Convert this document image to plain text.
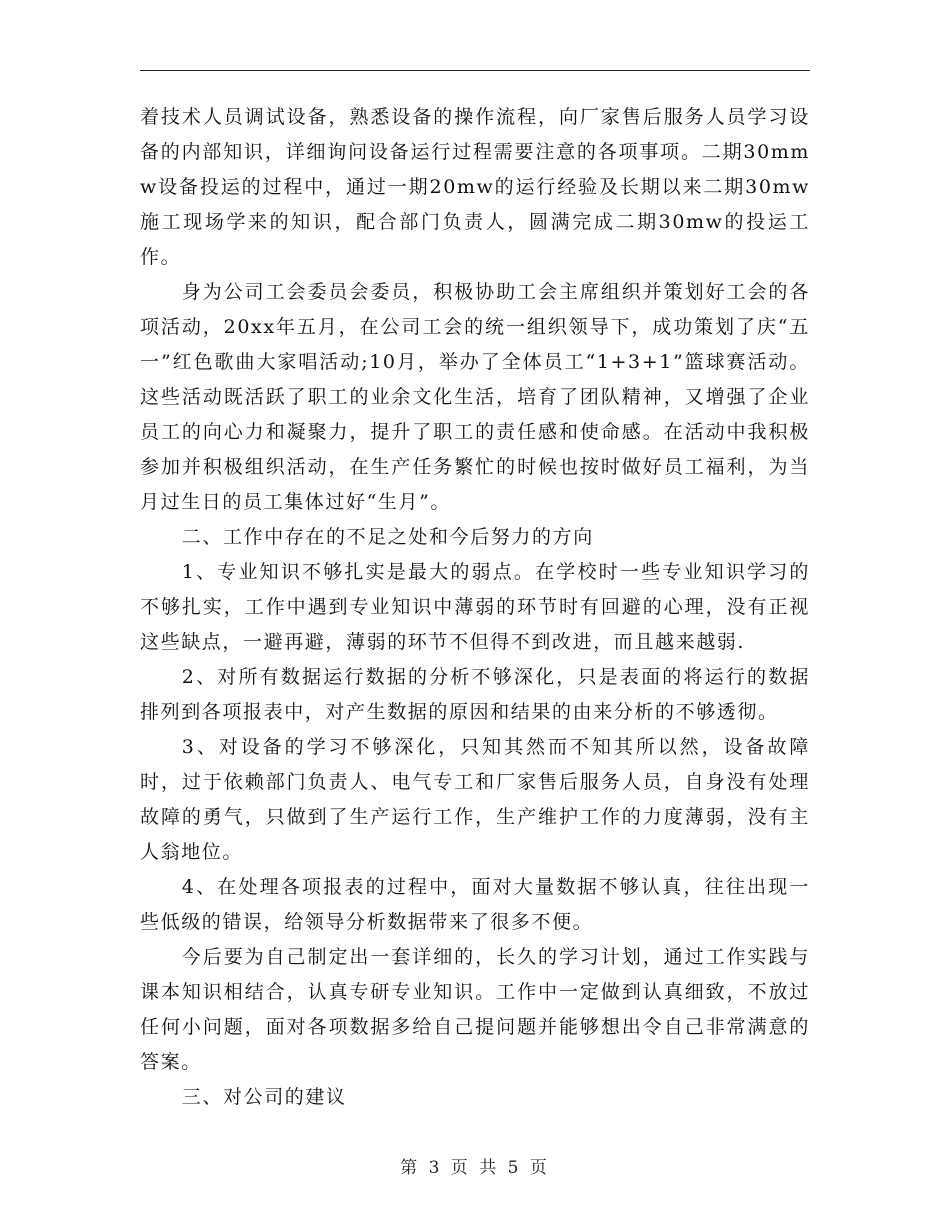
着技术人员调试设备，熟悉设备的操作流程，向厂家售后服务人员学习设备的内部知识，详细询问设备运行过程需要注意的各项事项。二期30mmw设备投运的过程中，通过一期20mw的运行经验及长期以来二期30mw施工现场学来的知识，配合部门负责人，圆满完成二期30mw的投运工作。

身为公司工会委员会委员，积极协助工会主席组织并策划好工会的各项活动，20xx年五月，在公司工会的统一组织领导下，成功策划了庆“五一”红色歌曲大家唱活动;10月，举办了全体员工“1+3+1”篮球赛活动。这些活动既活跃了职工的业余文化生活，培育了团队精神，又增强了企业员工的向心力和凝聚力，提升了职工的责任感和使命感。在活动中我积极参加并积极组织活动，在生产任务繁忙的时候也按时做好员工福利，为当月过生日的员工集体过好“生月”。

二、工作中存在的不足之处和今后努力的方向

1、专业知识不够扎实是最大的弱点。在学校时一些专业知识学习的不够扎实，工作中遇到专业知识中薄弱的环节时有回避的心理，没有正视这些缺点，一避再避，薄弱的环节不但得不到改进，而且越来越弱.

2、对所有数据运行数据的分析不够深化，只是表面的将运行的数据排列到各项报表中，对产生数据的原因和结果的由来分析的不够透彻。

3、对设备的学习不够深化，只知其然而不知其所以然，设备故障时，过于依赖部门负责人、电气专工和厂家售后服务人员，自身没有处理故障的勇气，只做到了生产运行工作，生产维护工作的力度薄弱，没有主人翁地位。

4、在处理各项报表的过程中，面对大量数据不够认真，往往出现一些低级的错误，给领导分析数据带来了很多不便。

今后要为自己制定出一套详细的，长久的学习计划，通过工作实践与课本知识相结合，认真专研专业知识。工作中一定做到认真细致，不放过任何小问题，面对各项数据多给自己提问题并能够想出令自己非常满意的答案。

三、对公司的建议

第 3 页 共 5 页
